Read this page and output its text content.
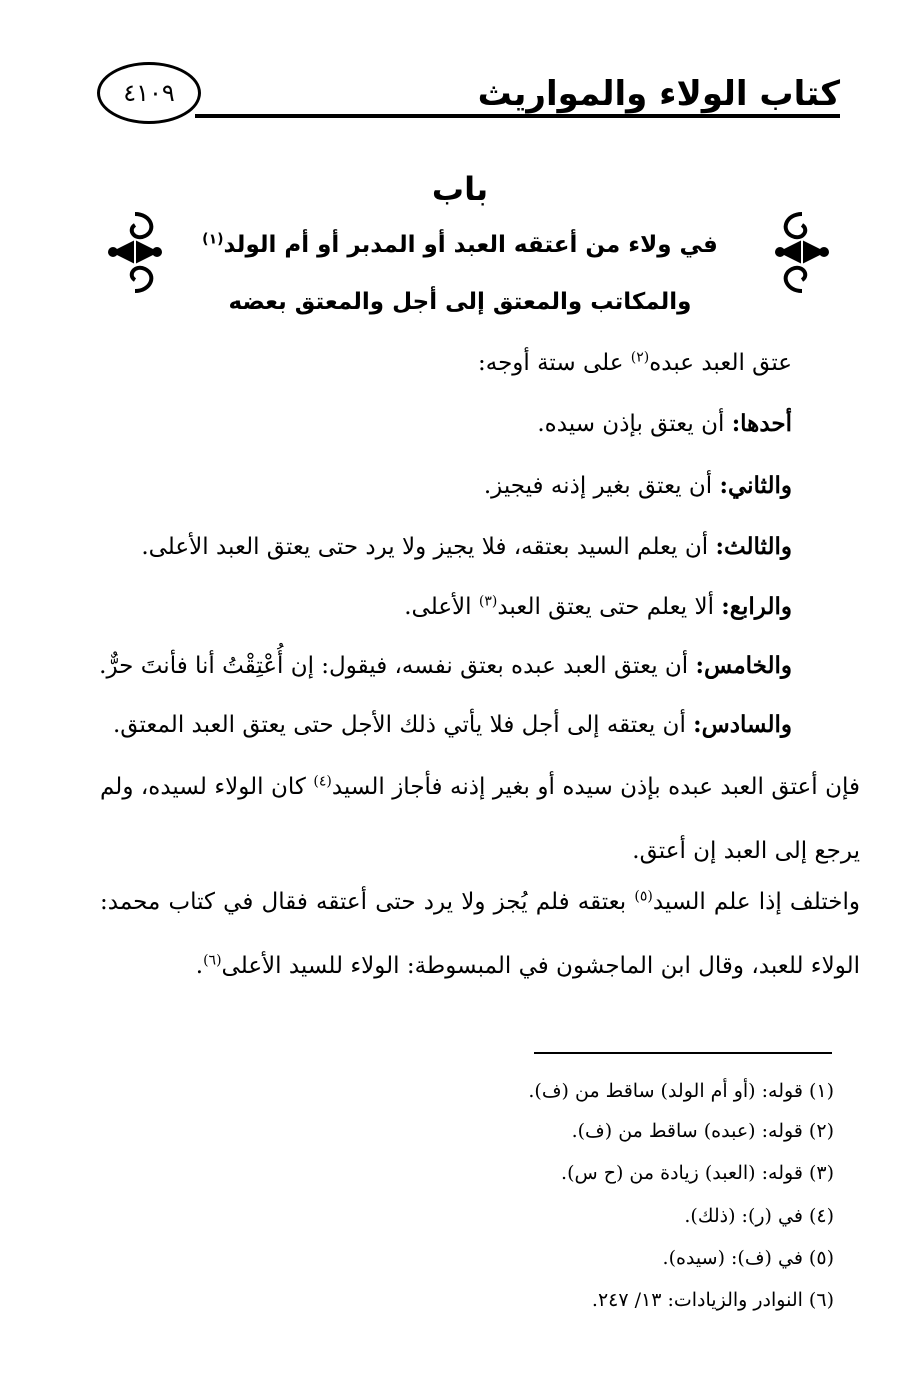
٤١٠٩	كتاب الولاء والمواريث
باب
في ولاء من أعتقه العبد أو المدبر أو أم الولد$^{(١)}$
والمكاتب والمعتق إلى أجل والمعتق بعضه
عتق العبد عبده$^{(٢)}$ على ستة أوجه:
أحدها: أن يعتق بإذن سيده.
والثاني: أن يعتق بغير إذنه فيجيز.
والثالث: أن يعلم السيد بعتقه، فلا يجيز ولا يرد حتى يعتق العبد الأعلى.
والرابع: ألا يعلم حتى يعتق العبد$^{(٣)}$ الأعلى.
والخامس: أن يعتق العبد عبده بعتق نفسه، فيقول: إن أُعْتِقْتُ أنا فأنتَ حرٌّ.
والسادس: أن يعتقه إلى أجل فلا يأتي ذلك الأجل حتى يعتق العبد المعتق.
فإن أعتق العبد عبده بإذن سيده أو بغير إذنه فأجاز السيد$^{(٤)}$ كان الولاء لسيده، ولم يرجع إلى العبد إن أعتق.
واختلف إذا علم السيد$^{(٥)}$ بعتقه فلم يُجز ولا يرد حتى أعتقه فقال في كتاب محمد: الولاء للعبد، وقال ابن الماجشون في المبسوطة: الولاء للسيد الأعلى$^{(٦)}$.
(١) قوله: (أو أم الولد) ساقط من (ف).
(٢) قوله: (عبده) ساقط من (ف).
(٣) قوله: (العبد) زيادة من (ح س).
(٤) في (ر): (ذلك).
(٥) في (ف): (سيده).
(٦) النوادر والزيادات: ١٣/ ٢٤٧.
